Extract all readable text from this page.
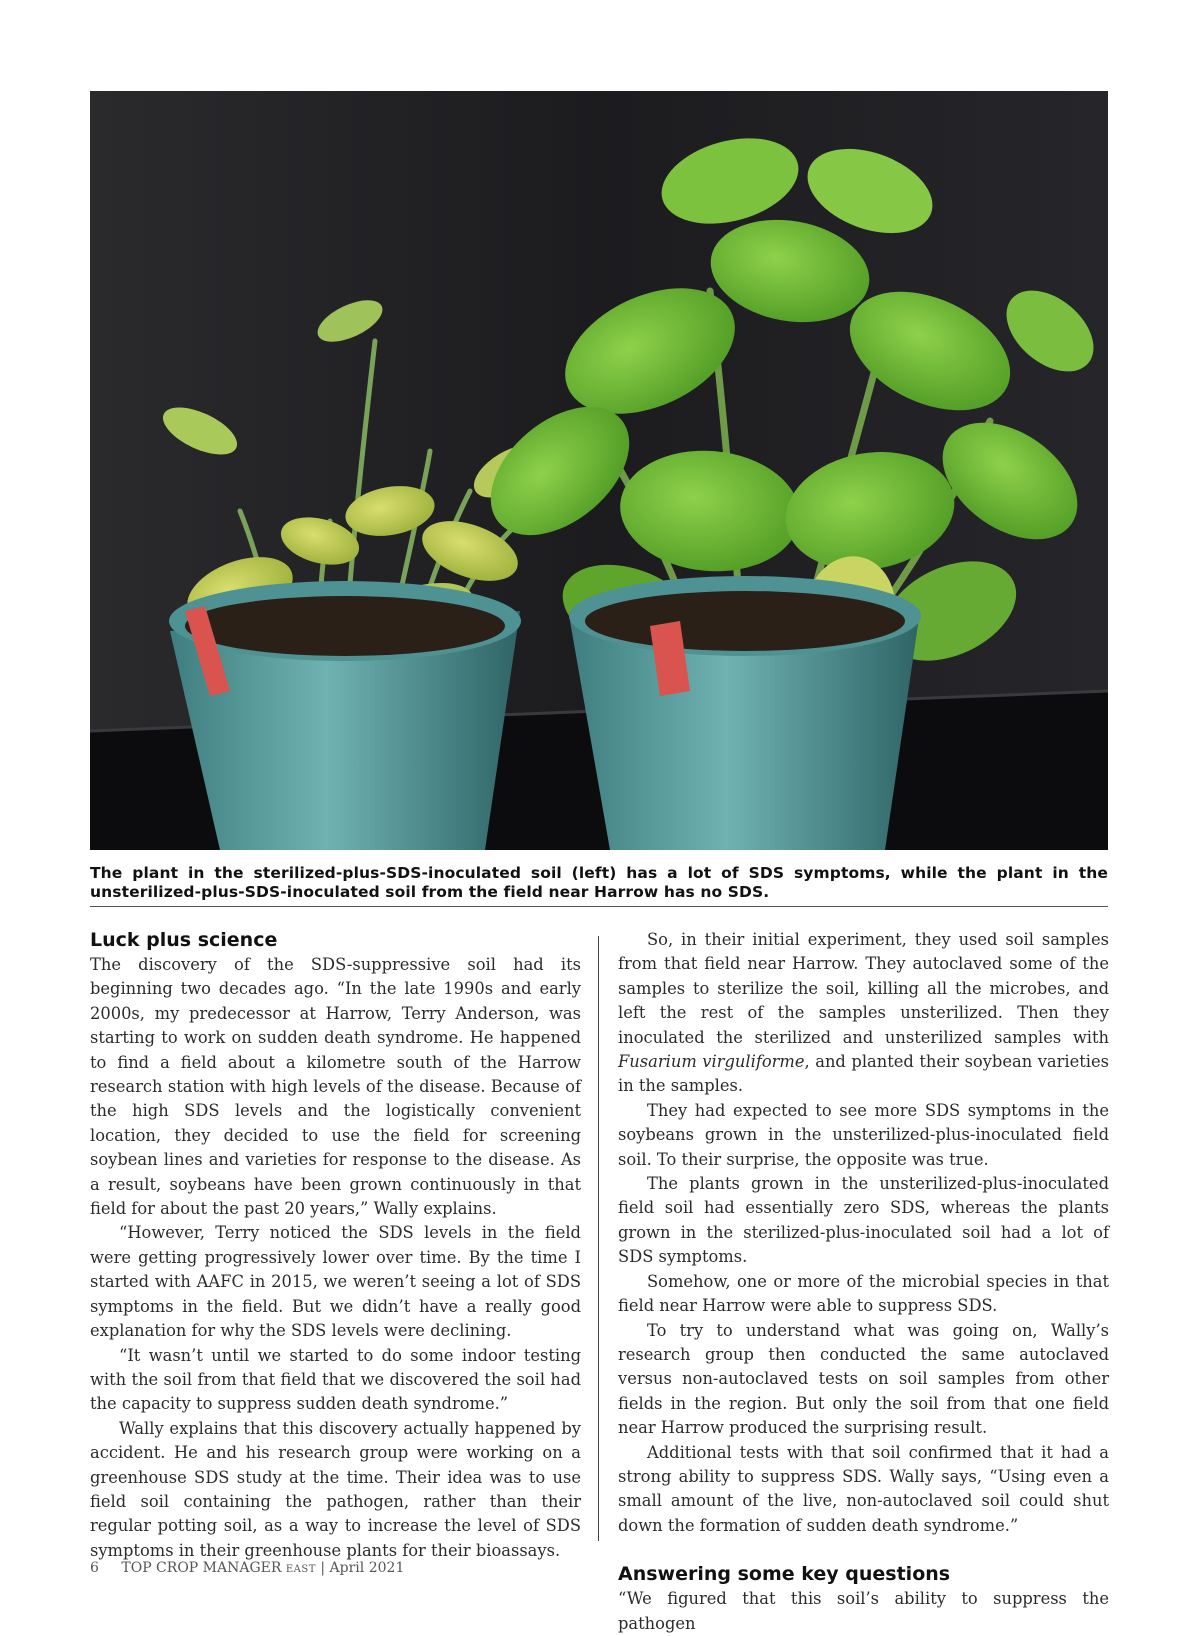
The plant in the sterilized-plus-SDS-inoculated soil (left) has a lot of SDS symptoms, while the plant in the unsterilized-plus-SDS-inoculated soil from the field near Harrow has no SDS.
Luck plus science

The discovery of the SDS-suppressive soil had its beginning two decades ago. “In the late 1990s and early 2000s, my predecessor at Harrow, Terry Anderson, was starting to work on sudden death syndrome. He happened to find a field about a kilometre south of the Harrow research station with high levels of the disease. Because of the high SDS levels and the logistically convenient location, they decided to use the field for screening soybean lines and varieties for response to the disease. As a result, soybeans have been grown continuously in that field for about the past 20 years,” Wally explains.

“However, Terry noticed the SDS levels in the field were getting progressively lower over time. By the time I started with AAFC in 2015, we weren’t seeing a lot of SDS symptoms in the field. But we didn’t have a really good explanation for why the SDS levels were declining.

“It wasn’t until we started to do some indoor testing with the soil from that field that we discovered the soil had the capacity to suppress sudden death syndrome.”

Wally explains that this discovery actually happened by accident. He and his research group were working on a greenhouse SDS study at the time. Their idea was to use field soil containing the pathogen, rather than their regular potting soil, as a way to increase the level of SDS symptoms in their greenhouse plants for their bioassays.

So, in their initial experiment, they used soil samples from that field near Harrow. They autoclaved some of the samples to sterilize the soil, killing all the microbes, and left the rest of the samples unsterilized. Then they inoculated the sterilized and unsterilized samples with Fusarium virguliforme, and planted their soybean varieties in the samples.

They had expected to see more SDS symptoms in the soybeans grown in the unsterilized-plus-inoculated field soil. To their surprise, the opposite was true.

The plants grown in the unsterilized-plus-inoculated field soil had essentially zero SDS, whereas the plants grown in the sterilized-plus-inoculated soil had a lot of SDS symptoms.

Somehow, one or more of the microbial species in that field near Harrow were able to suppress SDS.

To try to understand what was going on, Wally’s research group then conducted the same autoclaved versus non-autoclaved tests on soil samples from other fields in the region. But only the soil from that one field near Harrow produced the surprising result.

Additional tests with that soil confirmed that it had a strong ability to suppress SDS. Wally says, “Using even a small amount of the live, non-autoclaved soil could shut down the formation of sudden death syndrome.”

Answering some key questions

“We figured that this soil’s ability to suppress the pathogen

6 TOP CROP MANAGER EAST | April 2021
